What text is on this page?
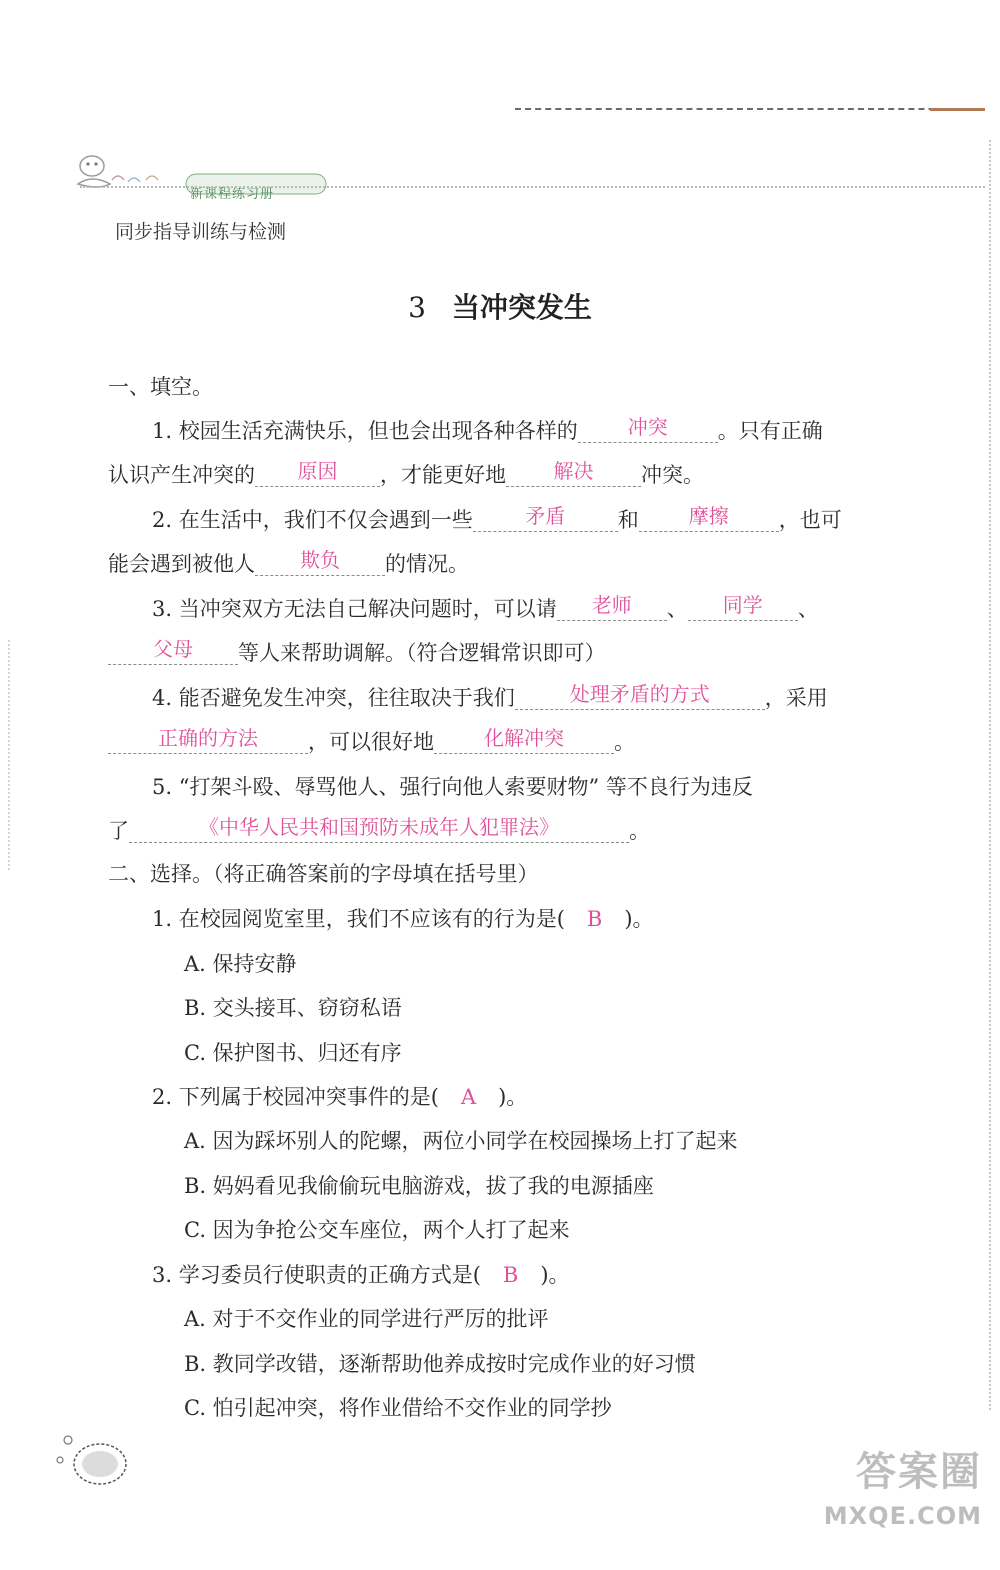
新课程练习册
同步指导训练与检测
3 当冲突发生
一、填空。
1. 校园生活充满快乐，但也会出现各种各样的	冲突 。只有正确
认识产生冲突的 原因 ，才能更好地 解决 冲突。
2. 在生活中，我们不仅会遇到一些	矛盾	和	摩擦 ，也可
能会遇到被他人 欺负 的情况。
3. 当冲突双方无法自己解决问题时，可以请 老师 、 同学 、
父母 等人来帮助调解。（符合逻辑常识即可）
4. 能否避免发生冲突，往往取决于我们	处理矛盾的方式	，采用
正确的方法 ，可以很好地	化解冲突 。
5. “打架斗殴、辱骂他人、强行向他人索要财物” 等不良行为违反
了	《中华人民共和国预防未成年人犯罪法》	。
二、选择。（将正确答案前的字母填在括号里）
1. 在校园阅览室里，我们不应该有的行为是( B )。
A. 保持安静
B. 交头接耳、窃窃私语
C. 保护图书、归还有序
2. 下列属于校园冲突事件的是( A )。
A. 因为踩坏别人的陀螺，两位小同学在校园操场上打了起来
B. 妈妈看见我偷偷玩电脑游戏，拔了我的电源插座
C. 因为争抢公交车座位，两个人打了起来
3. 学习委员行使职责的正确方式是( B )。
A. 对于不交作业的同学进行严厉的批评
B. 教同学改错，逐渐帮助他养成按时完成作业的好习惯
C. 怕引起冲突，将作业借给不交作业的同学抄
答案圈
MXQE.COM
